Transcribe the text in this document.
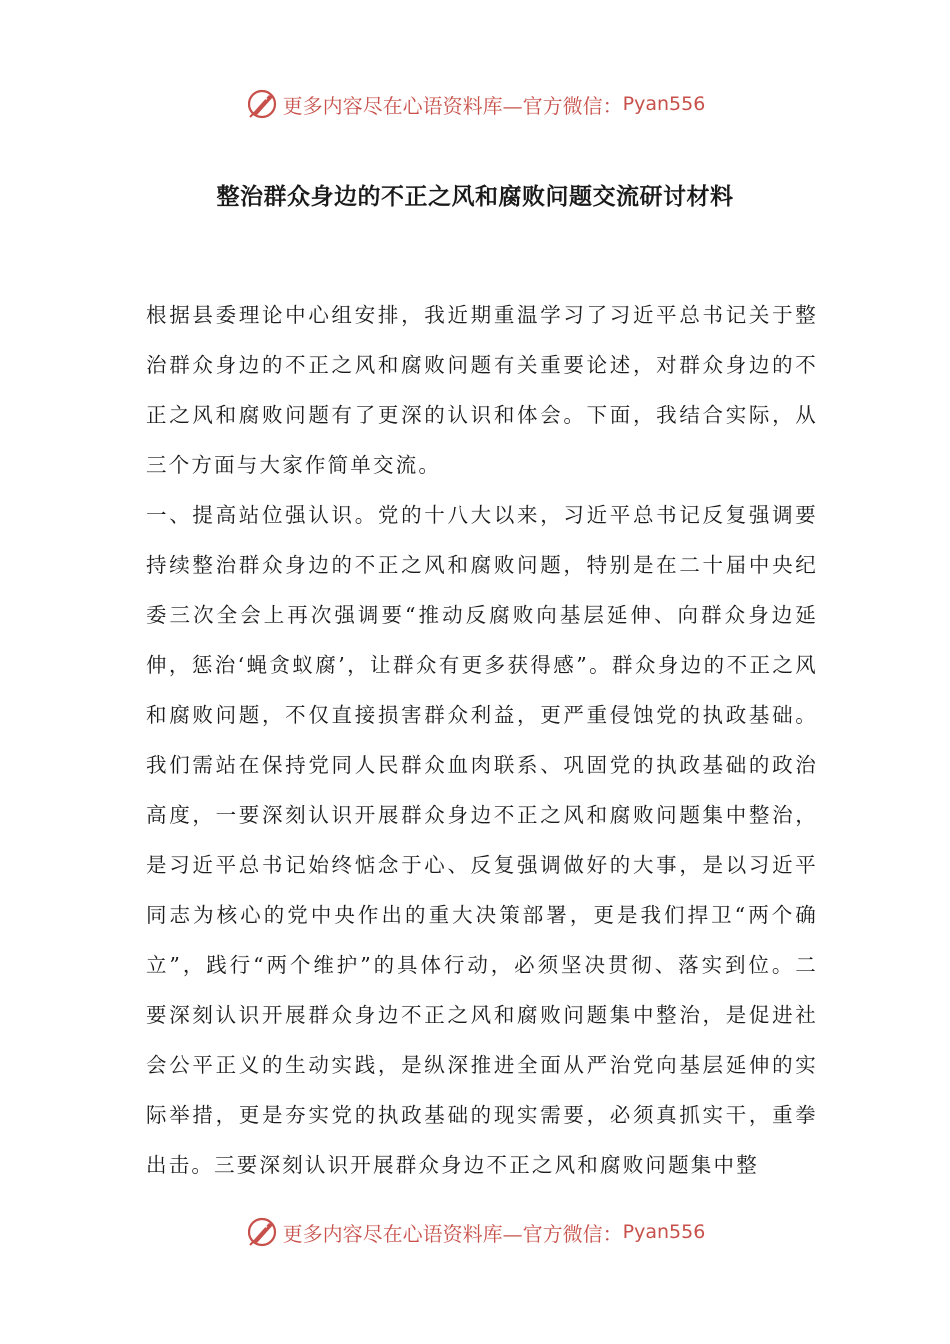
更多内容尽在心语资料库—官方微信： Pyan556
整治群众身边的不正之风和腐败问题交流研讨材料

根据县委理论中心组安排，我近期重温学习了习近平总书记关于整治群众身边的不正之风和腐败问题有关重要论述，对群众身边的不正之风和腐败问题有了更深的认识和体会。下面，我结合实际，从三个方面与大家作简单交流。

一、提高站位强认识。党的十八大以来，习近平总书记反复强调要持续整治群众身边的不正之风和腐败问题，特别是在二十届中央纪委三次全会上再次强调要“推动反腐败向基层延伸、向群众身边延伸，惩治‘蝇贪蚁腐’，让群众有更多获得感”。群众身边的不正之风和腐败问题，不仅直接损害群众利益，更严重侵蚀党的执政基础。我们需站在保持党同人民群众血肉联系、巩固党的执政基础的政治高度，一要深刻认识开展群众身边不正之风和腐败问题集中整治，是习近平总书记始终惦念于心、反复强调做好的大事，是以习近平同志为核心的党中央作出的重大决策部署，更是我们捍卫“两个确立”，践行“两个维护”的具体行动，必须坚决贯彻、落实到位。二要深刻认识开展群众身边不正之风和腐败问题集中整治，是促进社会公平正义的生动实践，是纵深推进全面从严治党向基层延伸的实际举措，更是夯实党的执政基础的现实需要，必须真抓实干，重拳出击。三要深刻认识开展群众身边不正之风和腐败问题集中整

更多内容尽在心语资料库—官方微信： Pyan556
